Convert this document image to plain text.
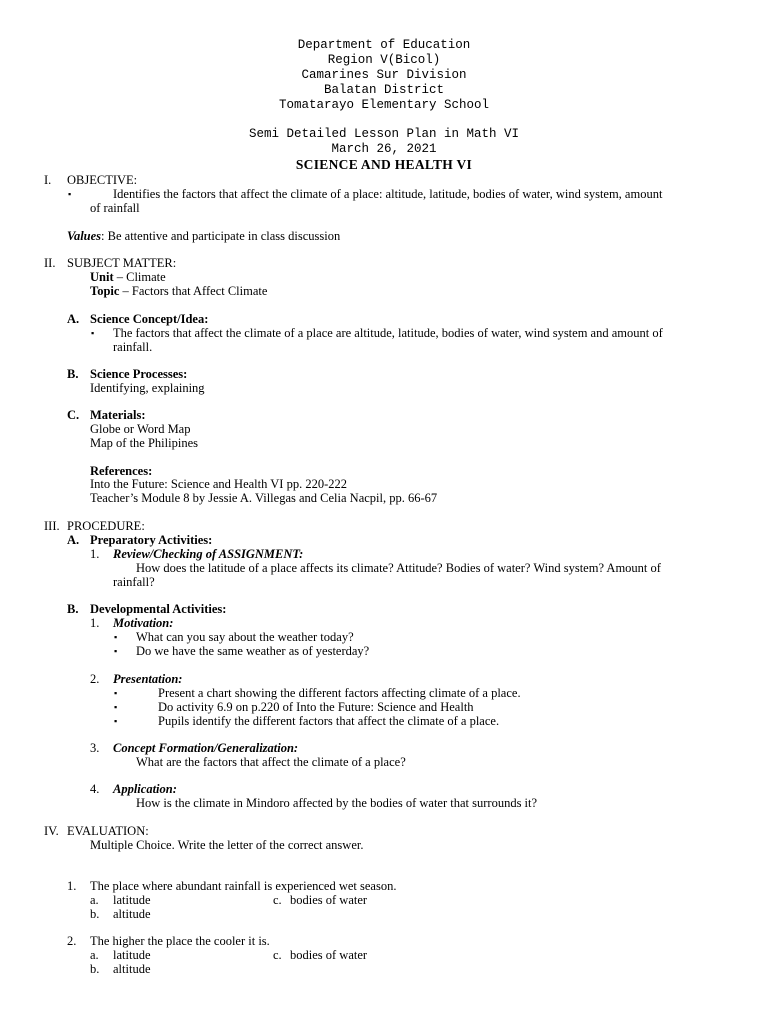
Department of Education
Region V(Bicol)
Camarines Sur Division
Balatan District
Tomatarayo Elementary School
Semi Detailed Lesson Plan in Math VI
March 26, 2021
SCIENCE AND HEALTH VI
I. OBJECTIVE:
▪	Identifies the factors that affect the climate of a place: altitude, latitude, bodies of water, wind system, amount
of rainfall
Values: Be attentive and participate in class discussion
II. SUBJECT MATTER:
Unit – Climate
Topic – Factors that Affect Climate
A. Science Concept/Idea:
▪ The factors that affect the climate of a place are altitude, latitude, bodies of water, wind system and amount of
rainfall.
B. Science Processes:
Identifying, explaining
C. Materials:
Globe or Word Map
Map of the Philipines
References:
Into the Future: Science and Health VI pp. 220-222
Teacher’s Module 8 by Jessie A. Villegas and Celia Nacpil, pp. 66-67
III. PROCEDURE:
A. Preparatory Activities:
1. Review/Checking of ASSIGNMENT:
How does the latitude of a place affects its climate? Attitude? Bodies of water? Wind system? Amount of
rainfall?
B. Developmental Activities:
1. Motivation:
▪ What can you say about the weather today?
▪ Do we have the same weather as of yesterday?
2. Presentation:
▪	Present a chart showing the different factors affecting climate of a place.
▪	Do activity 6.9 on p.220 of Into the Future: Science and Health
▪	Pupils identify the different factors that affect the climate of a place.
3. Concept Formation/Generalization:
What are the factors that affect the climate of a place?
4. Application:
How is the climate in Mindoro affected by the bodies of water that surrounds it?
IV. EVALUATION:
Multiple Choice. Write the letter of the correct answer.
1. The place where abundant rainfall is experienced wet season.
a. latitude	c. bodies of water
b. altitude
2. The higher the place the cooler it is.
a. latitude	c. bodies of water
b. altitude
